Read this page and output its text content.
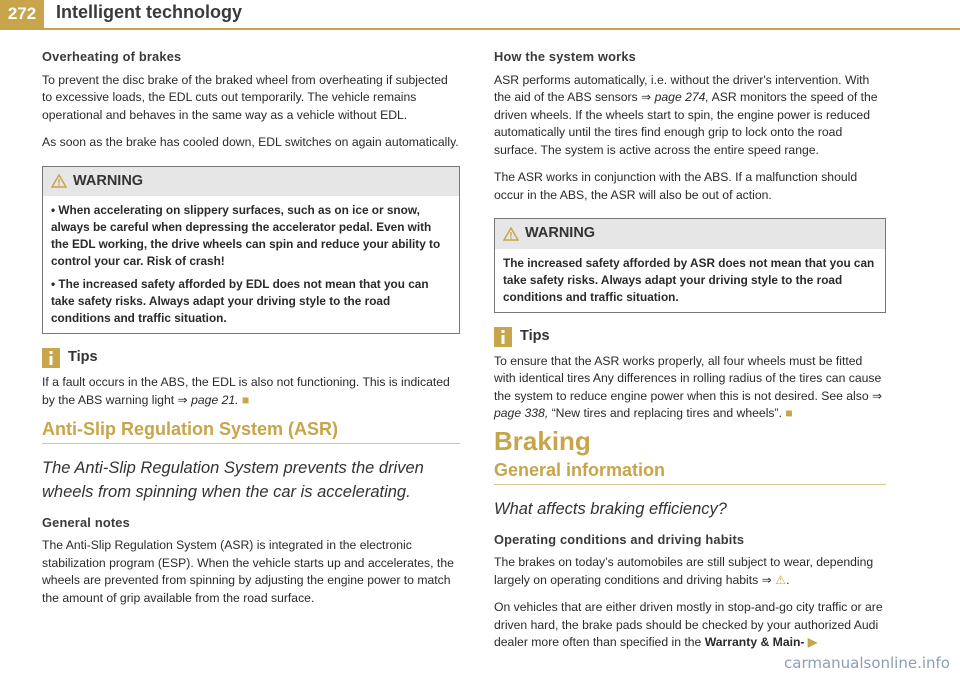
272	Intelligent technology
Overheating of brakes

To prevent the disc brake of the braked wheel from overheating if subjected to excessive loads, the EDL cuts out temporarily. The vehicle remains operational and behaves in the same way as a vehicle without EDL.

As soon as the brake has cooled down, EDL switches on again automatically.

WARNING

• When accelerating on slippery surfaces, such as on ice or snow, always be careful when depressing the accelerator pedal. Even with the EDL working, the drive wheels can spin and reduce your ability to control your car. Risk of crash!

• The increased safety afforded by EDL does not mean that you can take safety risks. Always adapt your driving style to the road conditions and traffic situation.

Tips

If a fault occurs in the ABS, the EDL is also not functioning. This is indicated by the ABS warning light ⇒ page 21. ■

Anti-Slip Regulation System (ASR)
The Anti-Slip Regulation System prevents the driven wheels from spinning when the car is accelerating.
General notes

The Anti-Slip Regulation System (ASR) is integrated in the electronic stabilization program (ESP). When the vehicle starts up and accelerates, the wheels are prevented from spinning by adjusting the engine power to match the amount of grip available from the road surface.

How the system works

ASR performs automatically, i.e. without the driver's intervention. With the aid of the ABS sensors ⇒ page 274, ASR monitors the speed of the driven wheels. If the wheels start to spin, the engine power is reduced automatically until the tires find enough grip to lock onto the road surface. The system is active across the entire speed range.

The ASR works in conjunction with the ABS. If a malfunction should occur in the ABS, the ASR will also be out of action.

WARNING

The increased safety afforded by ASR does not mean that you can take safety risks. Always adapt your driving style to the road conditions and traffic situation.

Tips

To ensure that the ASR works properly, all four wheels must be fitted with identical tires Any differences in rolling radius of the tires can cause the system to reduce engine power when this is not desired. See also ⇒ page 338, “New tires and replacing tires and wheels”. ■

Braking
General information
What affects braking efficiency?
Operating conditions and driving habits

The brakes on today’s automobiles are still subject to wear, depending largely on operating conditions and driving habits ⇒ ⚠.

On vehicles that are either driven mostly in stop-and-go city traffic or are driven hard, the brake pads should be checked by your authorized Audi dealer more often than specified in the Warranty & Main- ▶

carmanualsonline.info
